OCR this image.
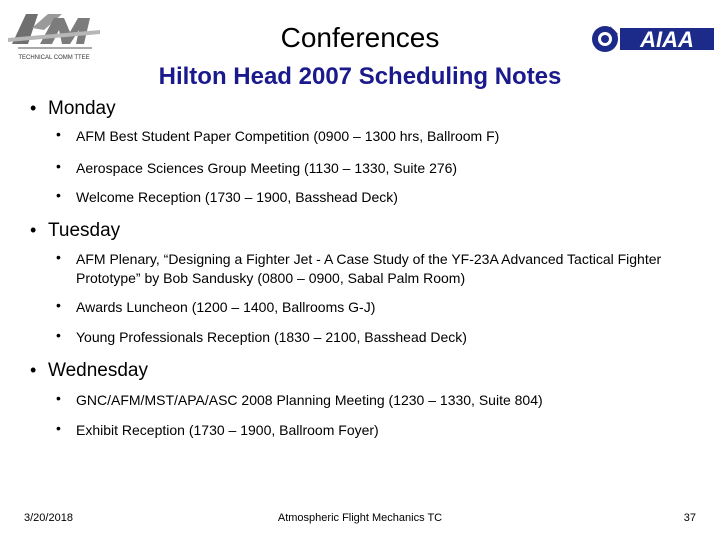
TECHNICAL COMM TTEE
AIAA
Conferences
Hilton Head 2007 Scheduling Notes
• Monday
• AFM Best Student Paper Competition (0900 – 1300 hrs, Ballroom F)
• Aerospace Sciences Group Meeting (1130 – 1330, Suite 276)
• Welcome Reception (1730 – 1900, Basshead Deck)
• Tuesday
• AFM Plenary, “Designing a Fighter Jet - A Case Study of the YF-23A Advanced Tactical Fighter Prototype” by Bob Sandusky (0800 – 0900, Sabal Palm Room)
• Awards Luncheon (1200 – 1400, Ballrooms G-J)
• Young Professionals Reception (1830 – 2100, Basshead Deck)
• Wednesday
• GNC/AFM/MST/APA/ASC 2008 Planning Meeting (1230 – 1330, Suite 804)
• Exhibit Reception (1730 – 1900, Ballroom Foyer)
3/20/2018	Atmospheric Flight Mechanics TC	37
